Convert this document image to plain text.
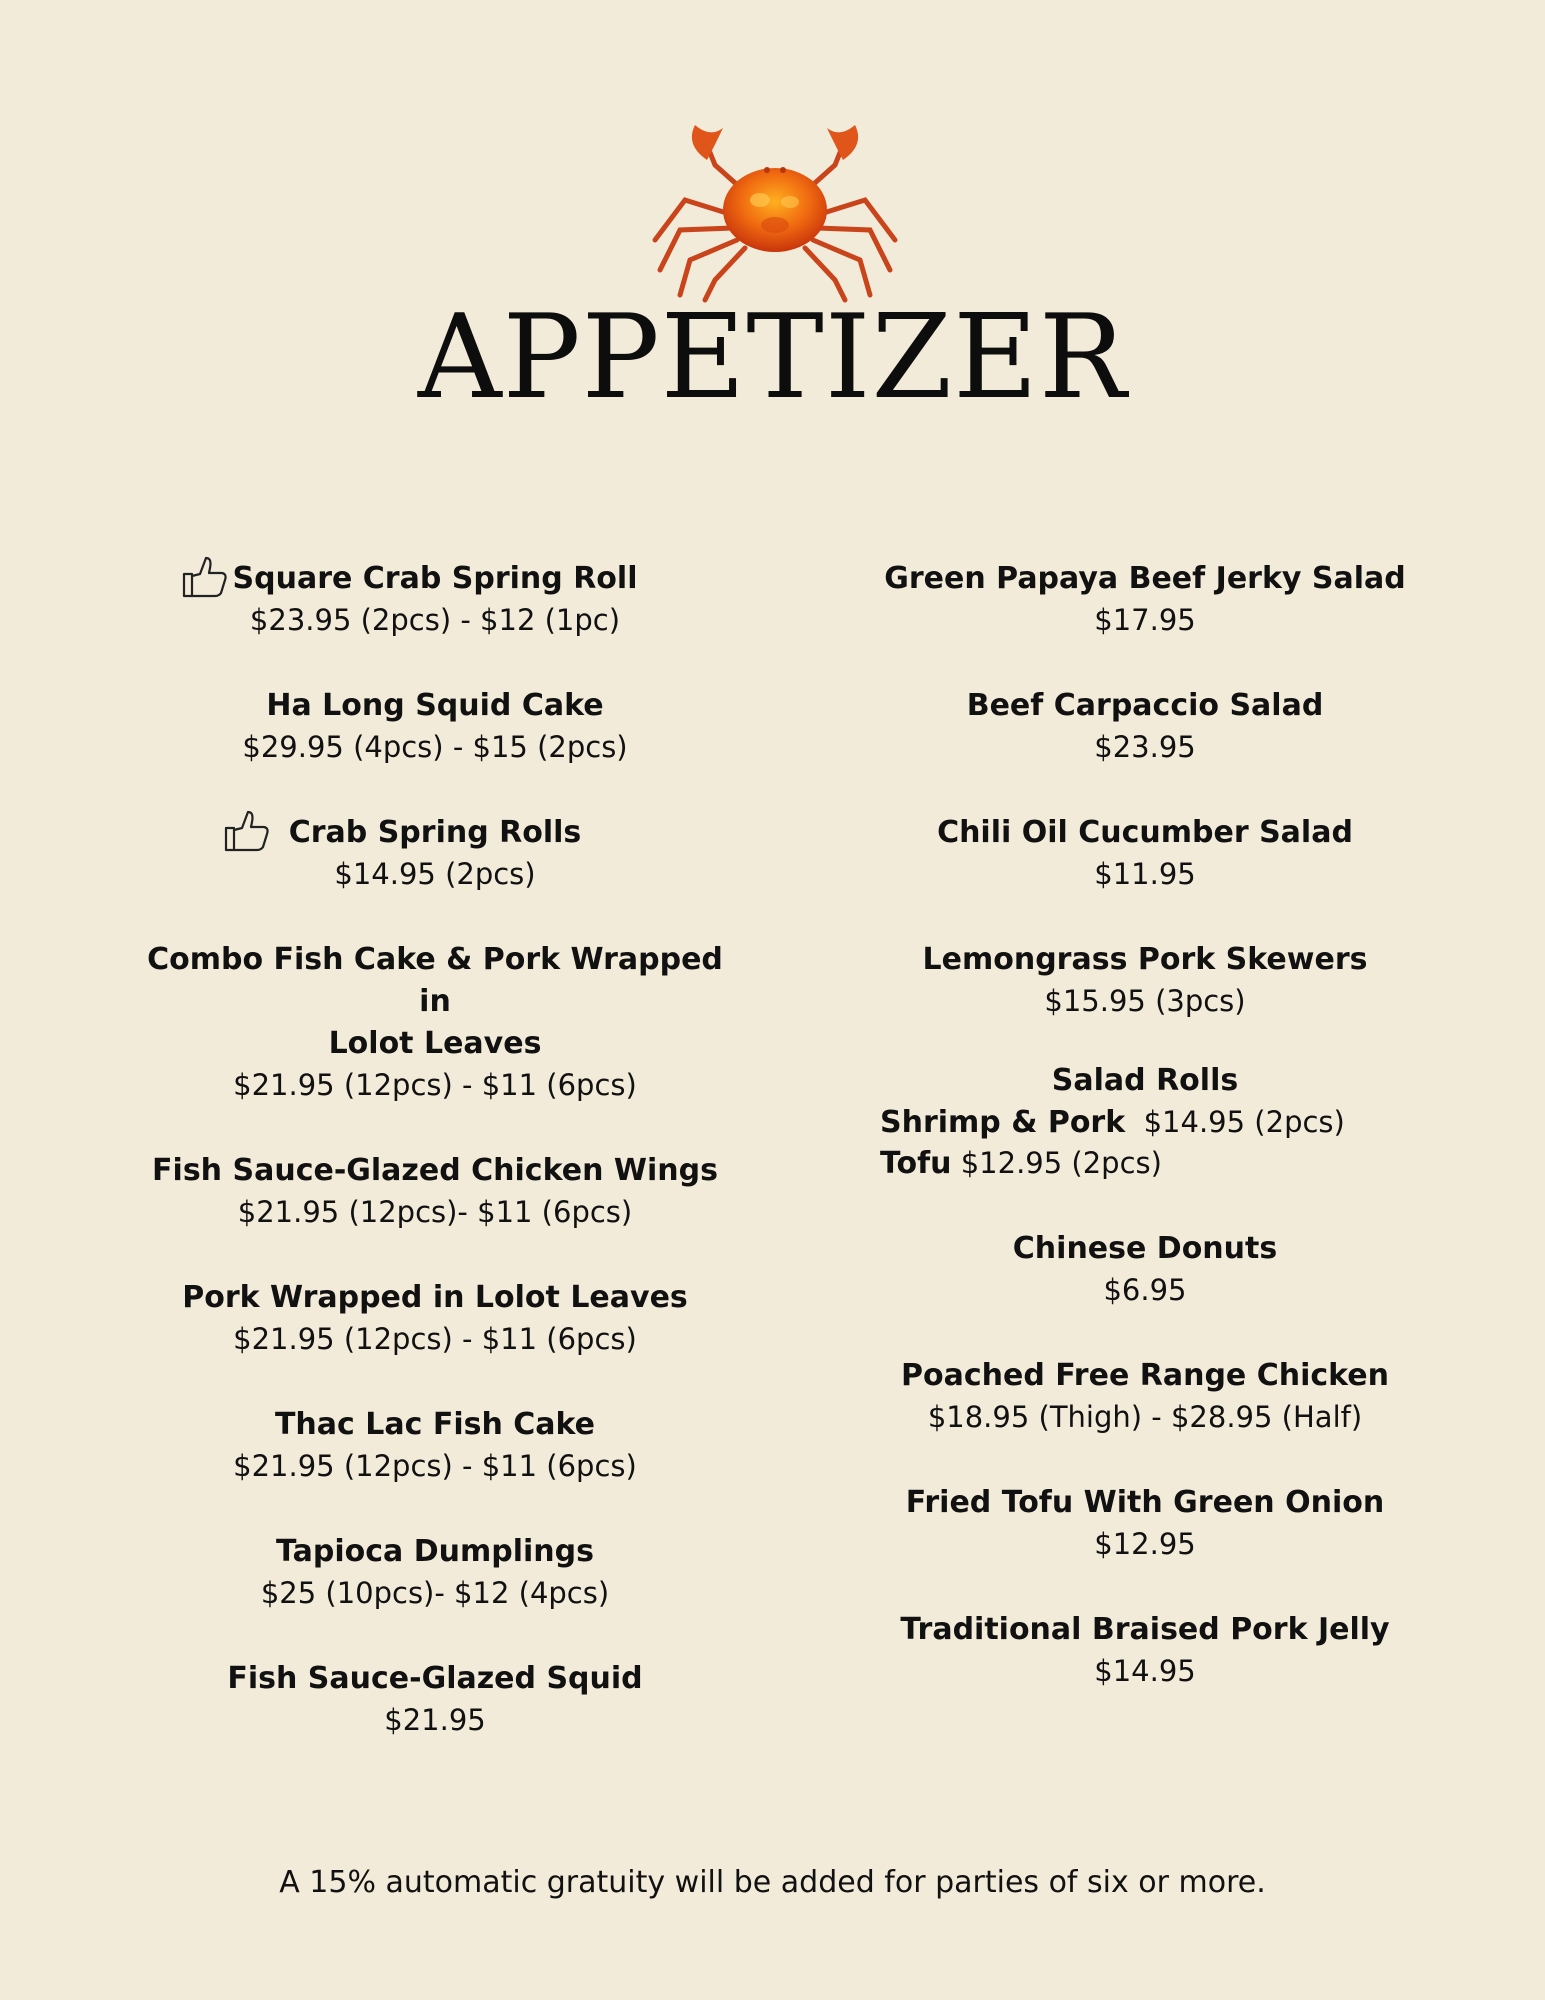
APPETIZER
Square Crab Spring Roll
$23.95 (2pcs) - $12 (1pc)
Ha Long Squid Cake
$29.95 (4pcs) - $15 (2pcs)
Crab Spring Rolls
$14.95 (2pcs)
Combo Fish Cake & Pork Wrapped in
Lolot Leaves
$21.95 (12pcs) - $11 (6pcs)
Fish Sauce-Glazed Chicken Wings
$21.95 (12pcs)- $11 (6pcs)
Pork Wrapped in Lolot Leaves
$21.95 (12pcs) - $11 (6pcs)
Thac Lac Fish Cake
$21.95 (12pcs) - $11 (6pcs)
Tapioca Dumplings
$25 (10pcs)- $12 (4pcs)
Fish Sauce-Glazed Squid
$21.95
Green Papaya Beef Jerky Salad
$17.95
Beef Carpaccio Salad
$23.95
Chili Oil Cucumber Salad
$11.95
Lemongrass Pork Skewers
$15.95 (3pcs)
Salad Rolls
Shrimp & Pork $14.95 (2pcs)
Tofu $12.95 (2pcs)
Chinese Donuts
$6.95
Poached Free Range Chicken
$18.95 (Thigh) - $28.95 (Half)
Fried Tofu With Green Onion
$12.95
Traditional Braised Pork Jelly
$14.95
A 15% automatic gratuity will be added for parties of six or more.
